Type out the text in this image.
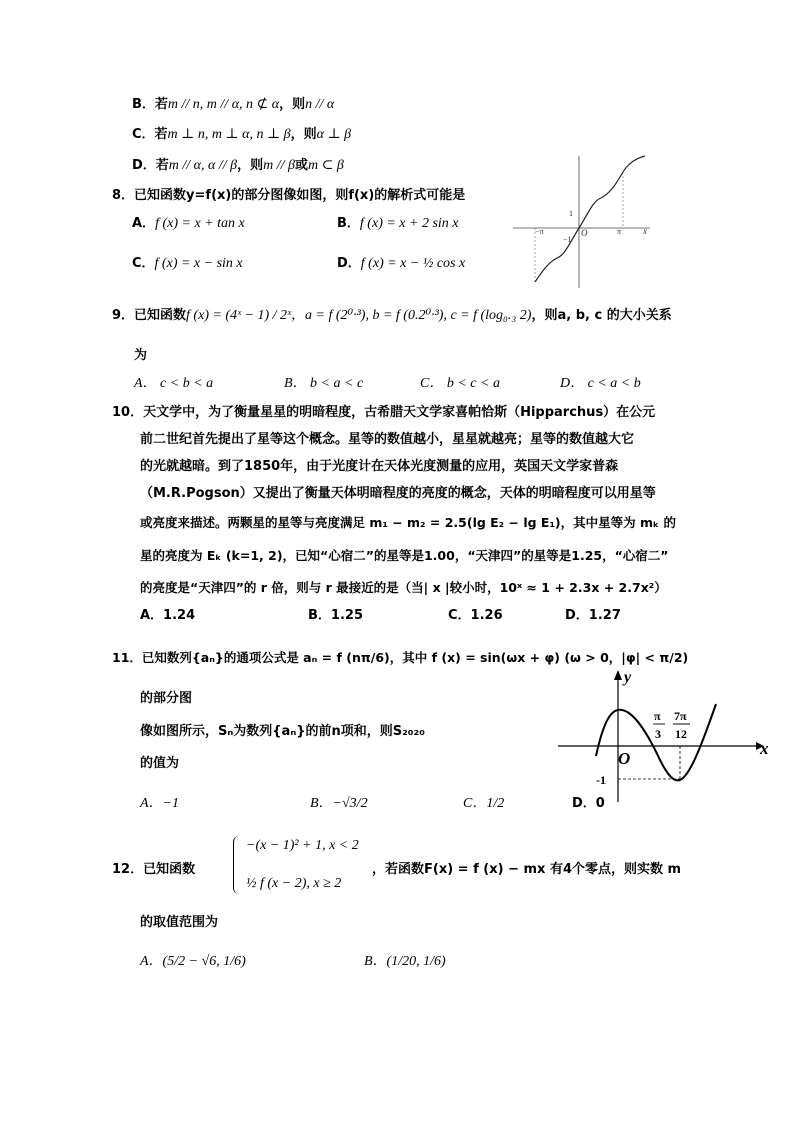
B．若m // n, m // α, n ⊄ α，则n // α
C．若m ⊥ n, m ⊥ α, n ⊥ β，则α ⊥ β
D．若m // α, α // β，则m // β或m ⊂ β
8．已知函数y=f(x)的部分图像如图，则f(x)的解析式可能是
A．f (x) = x + tan x	B．f (x) = x + 2 sin x
C．f (x) = x − sin x	D．f (x) = x − ½ cos x
−π	π x
1
−1
O
9．已知函数f (x) = (4ˣ − 1) / 2ˣ，a = f (2⁰·³), b = f (0.2⁰·³), c = f (log₀.₃ 2)，则a, b, c 的大小关系
为
A． c < b < a	B． b < a < c	C． b < c < a	D． c < a < b
10．天文学中，为了衡量星星的明暗程度，古希腊天文学家喜帕恰斯（Hipparchus）在公元
前二世纪首先提出了星等这个概念。星等的数值越小，星星就越亮；星等的数值越大它
的光就越暗。到了1850年，由于光度计在天体光度测量的应用，英国天文学家普森
（M.R.Pogson）又提出了衡量天体明暗程度的亮度的概念，天体的明暗程度可以用星等
或亮度来描述。两颗星的星等与亮度满足 m₁ − m₂ = 2.5(lg E₂ − lg E₁)，其中星等为 mₖ 的
星的亮度为 Eₖ (k=1, 2)，已知“心宿二”的星等是1.00，“天津四”的星等是1.25，“心宿二”
的亮度是“天津四”的 r 倍，则与 r 最接近的是（当| x |较小时，10ˣ ≈ 1 + 2.3x + 2.7x²）
A．1.24	B．1.25	C．1.26	D．1.27
11．已知数列{aₙ}的通项公式是 aₙ = f (nπ/6)，其中 f (x) = sin(ωx + φ) (ω > 0，|φ| < π/2)
的部分图
像如图所示，Sₙ为数列{aₙ}的前n项和，则S₂₀₂₀
的值为
A．−1	B．−√3/2	C．1/2	D．0
y
x
O
-1
π
3
7π
12
12．已知函数
−(x − 1)² + 1, x < 2
½ f (x − 2), x ≥ 2
，若函数F(x) = f (x) − mx 有4个零点，则实数 m
的取值范围为
A．(5/2 − √6, 1/6)	B．(1/20, 1/6)
